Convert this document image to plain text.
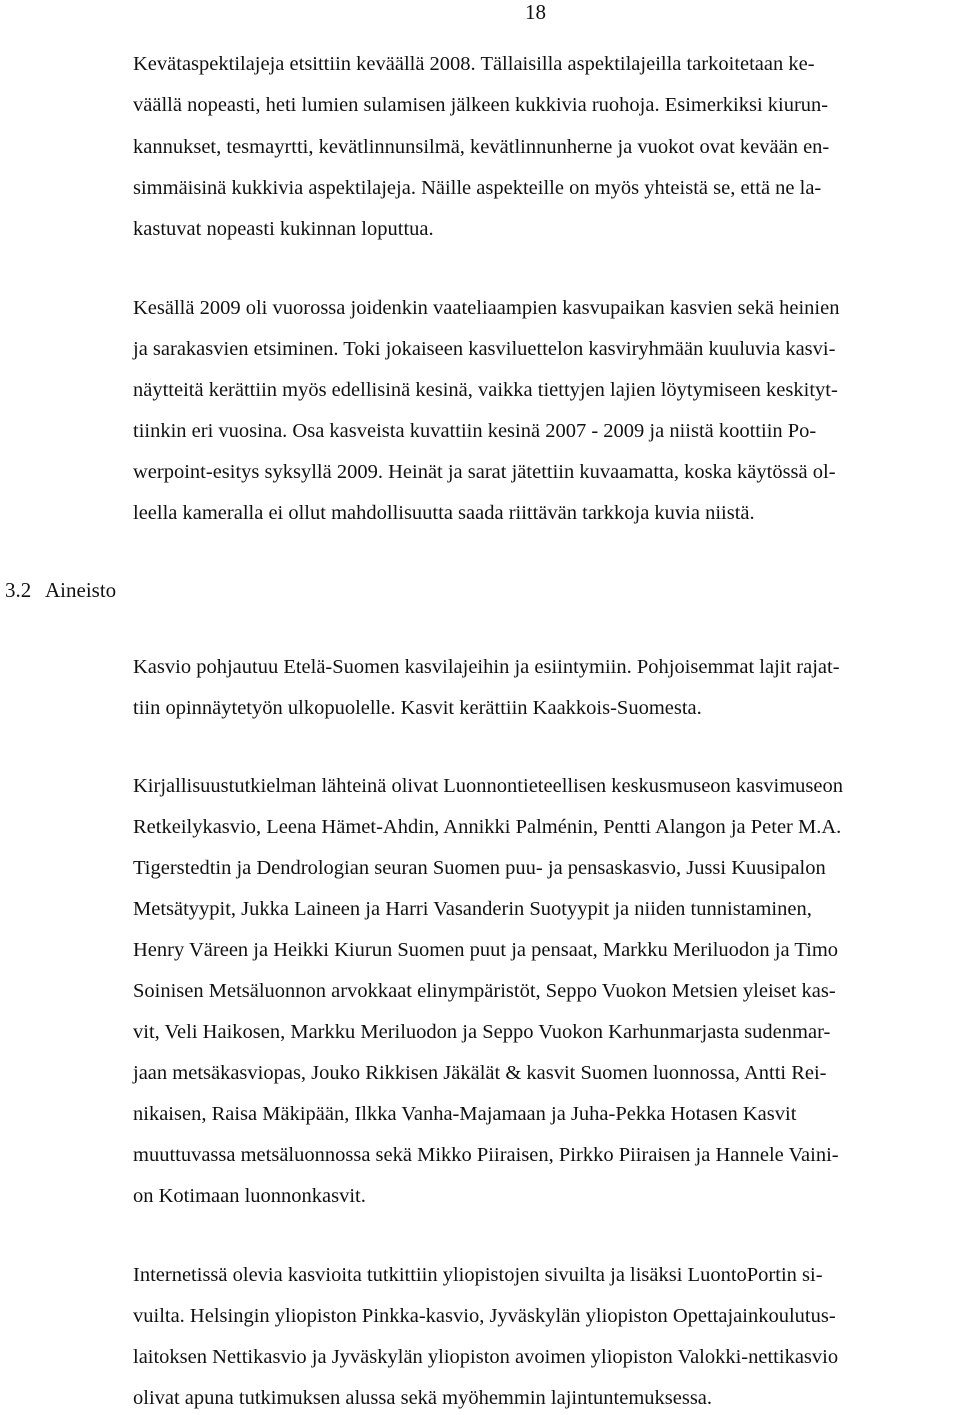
18
Kevätaspektilajeja etsittiin keväällä 2008. Tällaisilla aspektilajeilla tarkoitetaan ke-
väällä nopeasti, heti lumien sulamisen jälkeen kukkivia ruohoja. Esimerkiksi kiurun-
kannukset, tesmayrtti, kevätlinnunsilmä, kevätlinnunherne ja vuokot ovat kevään en-
simmäisinä kukkivia aspektilajeja. Näille aspekteille on myös yhteistä se, että ne la-
kastuvat nopeasti kukinnan loputtua.
Kesällä 2009 oli vuorossa joidenkin vaateliaampien kasvupaikan kasvien sekä heinien
ja sarakasvien etsiminen. Toki jokaiseen kasviluettelon kasviryhmään kuuluvia kasvi-
näytteitä kerättiin myös edellisinä kesinä, vaikka tiettyjen lajien löytymiseen keskityt-
tiinkin eri vuosina. Osa kasveista kuvattiin kesinä 2007 - 2009 ja niistä koottiin Po-
werpoint-esitys syksyllä 2009. Heinät ja sarat jätettiin kuvaamatta, koska käytössä ol-
leella kameralla ei ollut mahdollisuutta saada riittävän tarkkoja kuvia niistä.
3.2 Aineisto
Kasvio pohjautuu Etelä-Suomen kasvilajeihin ja esiintymiin. Pohjoisemmat lajit rajat-
tiin opinnäytetyön ulkopuolelle. Kasvit kerättiin Kaakkois-Suomesta.
Kirjallisuustutkielman lähteinä olivat Luonnontieteellisen keskusmuseon kasvimuseon
Retkeilykasvio, Leena Hämet-Ahdin, Annikki Palménin, Pentti Alangon ja Peter M.A.
Tigerstedtin ja Dendrologian seuran Suomen puu- ja pensaskasvio, Jussi Kuusipalon
Metsätyypit, Jukka Laineen ja Harri Vasanderin Suotyypit ja niiden tunnistaminen,
Henry Väreen ja Heikki Kiurun Suomen puut ja pensaat, Markku Meriluodon ja Timo
Soinisen Metsäluonnon arvokkaat elinympäristöt, Seppo Vuokon Metsien yleiset kas-
vit, Veli Haikosen, Markku Meriluodon ja Seppo Vuokon Karhunmarjasta sudenmar-
jaan metsäkasviopas, Jouko Rikkisen Jäkälät & kasvit Suomen luonnossa, Antti Rei-
nikaisen, Raisa Mäkipään, Ilkka Vanha-Majamaan ja Juha-Pekka Hotasen Kasvit
muuttuvassa metsäluonnossa sekä Mikko Piiraisen, Pirkko Piiraisen ja Hannele Vaini-
on Kotimaan luonnonkasvit.
Internetissä olevia kasvioita tutkittiin yliopistojen sivuilta ja lisäksi LuontoPortin si-
vuilta. Helsingin yliopiston Pinkka-kasvio, Jyväskylän yliopiston Opettajainkoulutus-
laitoksen Nettikasvio ja Jyväskylän yliopiston avoimen yliopiston Valokki-nettikasvio
olivat apuna tutkimuksen alussa sekä myöhemmin lajintuntemuksessa.
